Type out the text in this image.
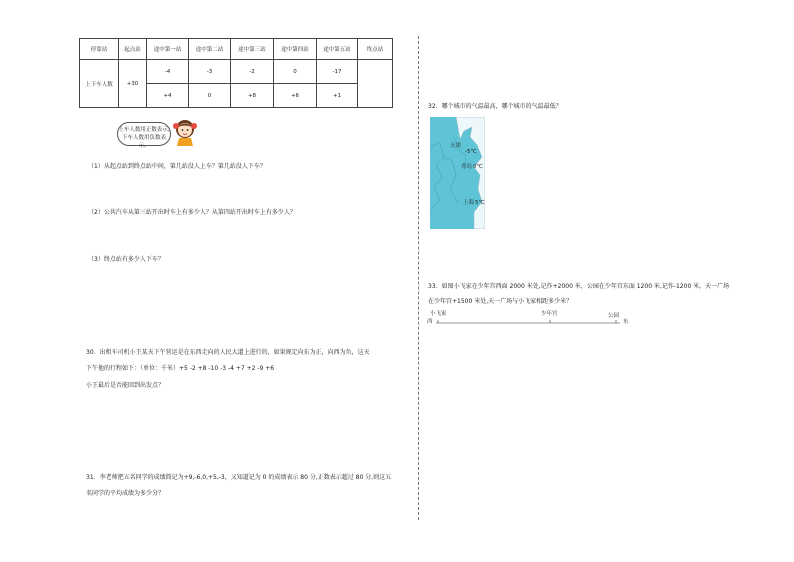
停靠站	起点站	途中第一站	途中第二站	途中第三站	途中第四站	途中第五站	终点站
上下车人数	+30	-4	-3	-2	0	-17	
		+4	0	+8	+6	+1	
上车人数用正数表示,
下车人数用负数表示。
（1）从起点站到终点站中间，第几站没人上车？第几站没人下车？
（2）公共汽车从第三站开出时车上有多少人？从第四站开出时车上有多少人？
（3）终点站有多少人下车？
30．出租车司机小王某天下午营运是在东西走向的人民大道上进行的，如果规定向东为正，向西为负，这天
下午他的行程如下：（单位：千米）+5 -2 +8 -10 -3 -4 +7 +2 -9 +6
小王最后是否能回到出发点？
31．李老师把五名同学的成绩简记为+9,-6,0,+5,-3，又知道记为 0 的成绩表示 80 分,正数表示超过 80 分,则这五
名同学的平均成绩为多少分？
32．哪个城市的气温最高，哪个城市的气温最低？
天津
-5℃
青岛 0℃
上海 5℃
33．如图小飞家在少年宫西面 2000 米处,记作+2000 米，公园在少年宫东面 1200 米,记作-1200 米。天一广场
在少年宫+1500 米处,天一广场与小飞家相距多少米？
西	东
小飞家	少年宫	公园
